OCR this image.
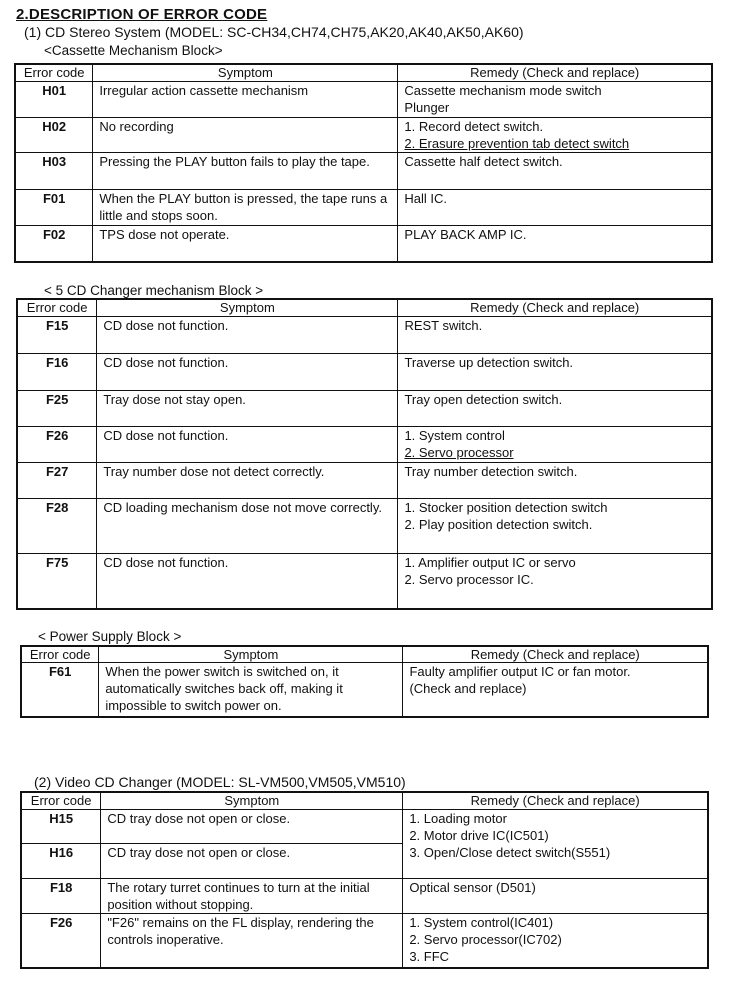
2.DESCRIPTION OF ERROR CODE
(1) CD Stereo System (MODEL: SC-CH34,CH74,CH75,AK20,AK40,AK50,AK60)
<Cassette Mechanism Block>
Error code	Symptom	Remedy (Check and replace)
H01	Irregular action cassette mechanism	Cassette mechanism mode switch
Plunger

H02	No recording	1. Record detect switch.
2. Erasure prevention tab detect switch

H03	Pressing the PLAY button fails to play the tape.	Cassette half detect switch.

F01	When the PLAY button is pressed, the tape runs a little and stops soon.	Hall IC.

F02	TPS dose not operate.	PLAY BACK AMP IC.
< 5 CD Changer mechanism Block >
Error code	Symptom	Remedy (Check and replace)
F15	CD dose not function.	REST switch.

F16	CD dose not function.	Traverse up detection switch.

F25	Tray dose not stay open.	Tray open detection switch.

F26	CD dose not function.	1. System control
2. Servo processor

F27	Tray number dose not detect correctly.	Tray number detection switch.

F28	CD loading mechanism dose not move correctly.	1. Stocker position detection switch
2. Play position detection switch.

F75	CD dose not function.	1. Amplifier output IC or servo
2. Servo processor IC.
< Power Supply Block >
Error code	Symptom	Remedy (Check and replace)
F61	When the power switch is switched on, it automatically switches back off, making it impossible to switch power on.	Faulty amplifier output IC or fan motor.
(Check and replace)
(2) Video CD Changer (MODEL: SL-VM500,VM505,VM510)
Error code	Symptom	Remedy (Check and replace)
H15	CD tray dose not open or close.	1. Loading motor
2. Motor drive IC(IC501)
3. Open/Close detect switch(S551)

H16	CD tray dose not open or close.	
F18	The rotary turret continues to turn at the initial position without stopping.	Optical sensor (D501)

F26	"F26" remains on the FL display, rendering the controls inoperative.	1. System control(IC401)
2. Servo processor(IC702)
3. FFC
